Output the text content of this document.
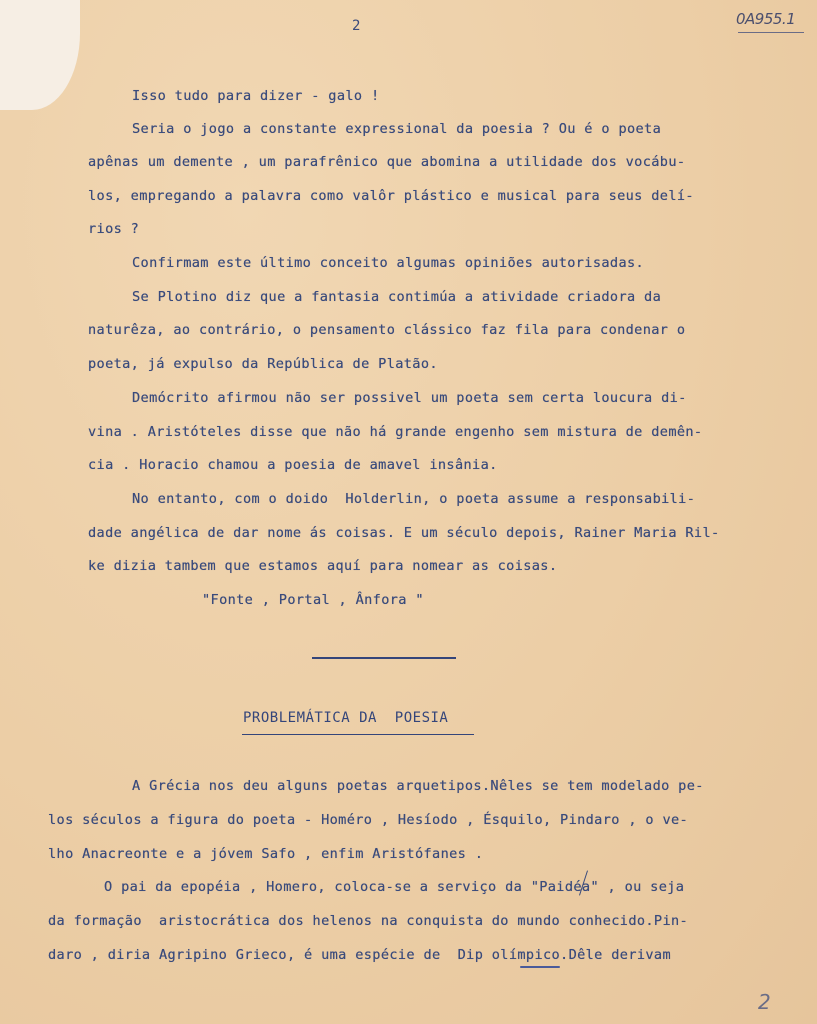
2	0A955.1
Isso tudo para dizer - galo !
Seria o jogo a constante expressional da poesia ? Ou é o poeta
apênas um demente , um parafrênico que abomina a utilidade dos vocábu-
los, empregando a palavra como valôr plástico e musical para seus delí-
rios ?
Confirmam este último conceito algumas opiniões autorisadas.
Se Plotino diz que a fantasia contimúa a atividade criadora da
naturêza, ao contrário, o pensamento clássico faz fila para condenar o
poeta, já expulso da República de Platão.
Demócrito afirmou não ser possivel um poeta sem certa loucura di-
vina . Aristóteles disse que não há grande engenho sem mistura de demên-
cia . Horacio chamou a poesia de amavel insânia.
No entanto, com o doido  Holderlin, o poeta assume a responsabili-
dade angélica de dar nome ás coisas. E um século depois, Rainer Maria Ril-
ke dizia tambem que estamos aquí para nomear as coisas.
"Fonte , Portal , Ânfora "
PROBLEMÁTICA DA  POESIA
A Grécia nos deu alguns poetas arquetipos.Nêles se tem modelado pe-
los séculos a figura do poeta - Homéro , Hesíodo , Ésquilo, Pindaro , o ve-
lho Anacreonte e a jóvem Safo , enfim Aristófanes .
O pai da epopéia , Homero, coloca-se a serviço da "Paidéa" , ou seja
da formação  aristocrática dos helenos na conquista do mundo conhecido.Pin-
daro , diria Agripino Grieco, é uma espécie de  Dip olímpico.Dêle derivam
2
